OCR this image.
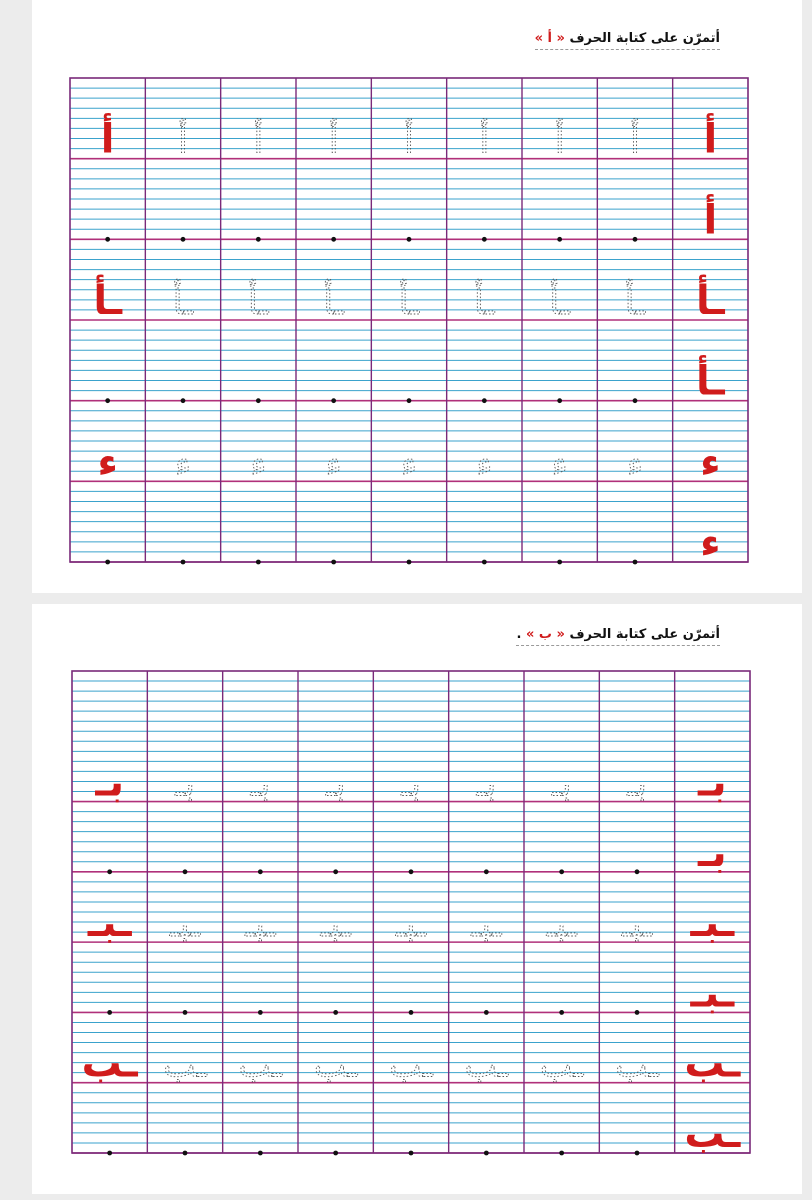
أتمرّن على كتابة الحرف « أ »
أ
أ أ أ أ أ أ أ أ
أ
ـأ
ـأ ـأ ـأ ـأ ـأ ـأ ـأ ـأ
ـأ
ء
ء ء ء ء ء ء ء ء
ء
أتمرّن على كتابة الحرف « ب » .
بـ
بـ بـ بـ بـ بـ بـ بـ بـ
بـ
ـبـ
ـبـ ـبـ ـبـ ـبـ ـبـ ـبـ ـبـ ـبـ
ـبـ
ـب
ـب ـب ـب ـب ـب ـب ـب ـب
ـب
